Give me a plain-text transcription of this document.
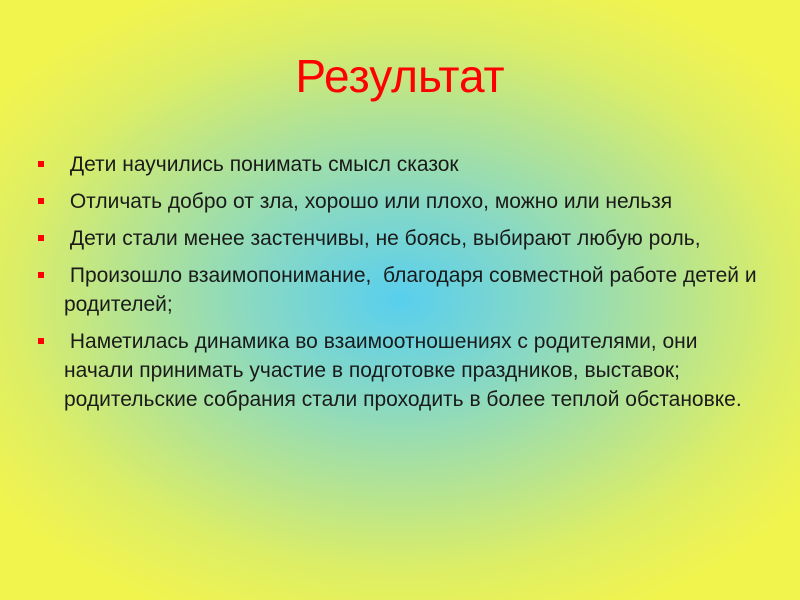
Результат
Дети научились понимать смысл сказок
Отличать добро от зла, хорошо или плохо, можно или нельзя
Дети стали менее застенчивы, не боясь, выбирают любую роль,
Произошло взаимопонимание,  благодаря совместной работе детей и родителей;
Наметилась динамика во взаимоотношениях с родителями, они начали принимать участие в подготовке праздников, выставок; родительские собрания стали проходить в более теплой обстановке.
